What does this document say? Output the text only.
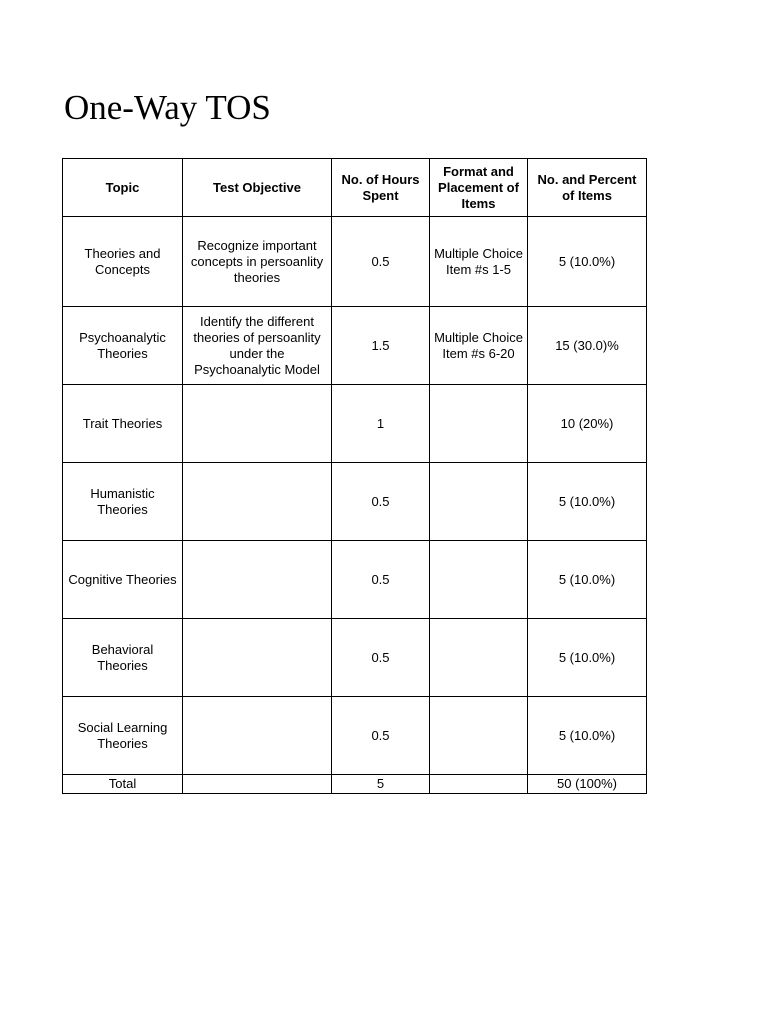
One-Way TOS
Topic	Test Objective	No. of Hours Spent	Format and Placement of Items	No. and Percent of Items
Theories and Concepts	Recognize important concepts in persoanlity theories	0.5	Multiple Choice Item #s 1-5	5 (10.0%)
Psychoanalytic Theories	Identify the different theories of persoanlity under the Psychoanalytic Model	1.5	Multiple Choice Item #s 6-20	15 (30.0)%
Trait Theories		1		10 (20%)
Humanistic Theories		0.5		5 (10.0%)
Cognitive Theories		0.5		5 (10.0%)
Behavioral Theories		0.5		5 (10.0%)
Social Learning Theories		0.5		5 (10.0%)
Total		5		50 (100%)
